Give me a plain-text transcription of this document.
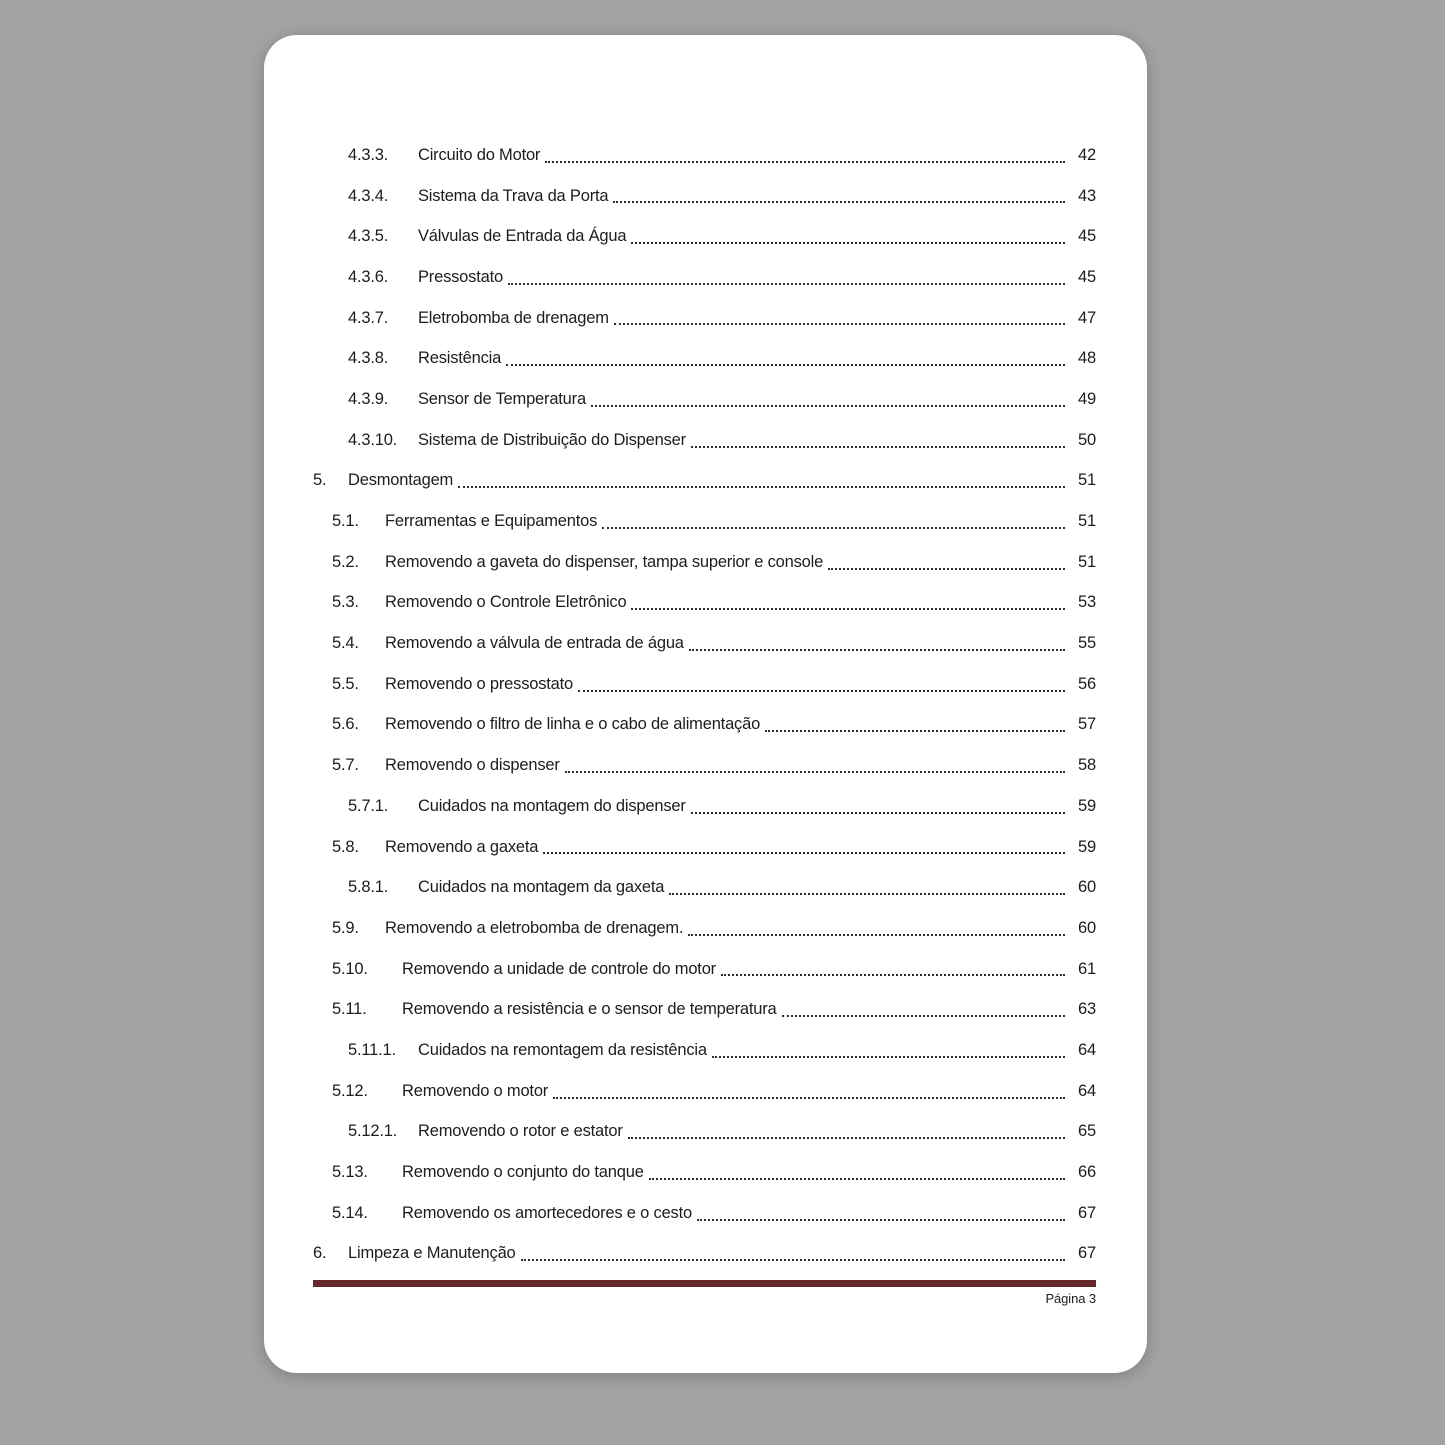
4.3.3.	Circuito do Motor	42
4.3.4.	Sistema da Trava da Porta	43
4.3.5.	Válvulas de Entrada da Água	45
4.3.6.	Pressostato	45
4.3.7.	Eletrobomba de drenagem	47
4.3.8.	Resistência	48
4.3.9.	Sensor de Temperatura	49
4.3.10.	Sistema de Distribuição do Dispenser	50
5.	Desmontagem	51
5.1.	Ferramentas e Equipamentos	51
5.2.	Removendo a gaveta do dispenser, tampa superior e console	51
5.3.	Removendo o Controle Eletrônico	53
5.4.	Removendo a válvula de entrada de água	55
5.5.	Removendo o pressostato	56
5.6.	Removendo o filtro de linha e o cabo de alimentação	57
5.7.	Removendo o dispenser	58
5.7.1.	Cuidados na montagem do dispenser	59
5.8.	Removendo a gaxeta	59
5.8.1.	Cuidados na montagem da gaxeta	60
5.9.	Removendo a eletrobomba de drenagem.	60
5.10.	Removendo a unidade de controle do motor	61
5.11.	Removendo a resistência e o sensor de temperatura	63
5.11.1.	Cuidados na remontagem da resistência	64
5.12.	Removendo o motor	64
5.12.1.	Removendo o rotor e estator	65
5.13.	Removendo o conjunto do tanque	66
5.14.	Removendo os amortecedores e o cesto	67
6.	Limpeza e Manutenção	67
Página 3
